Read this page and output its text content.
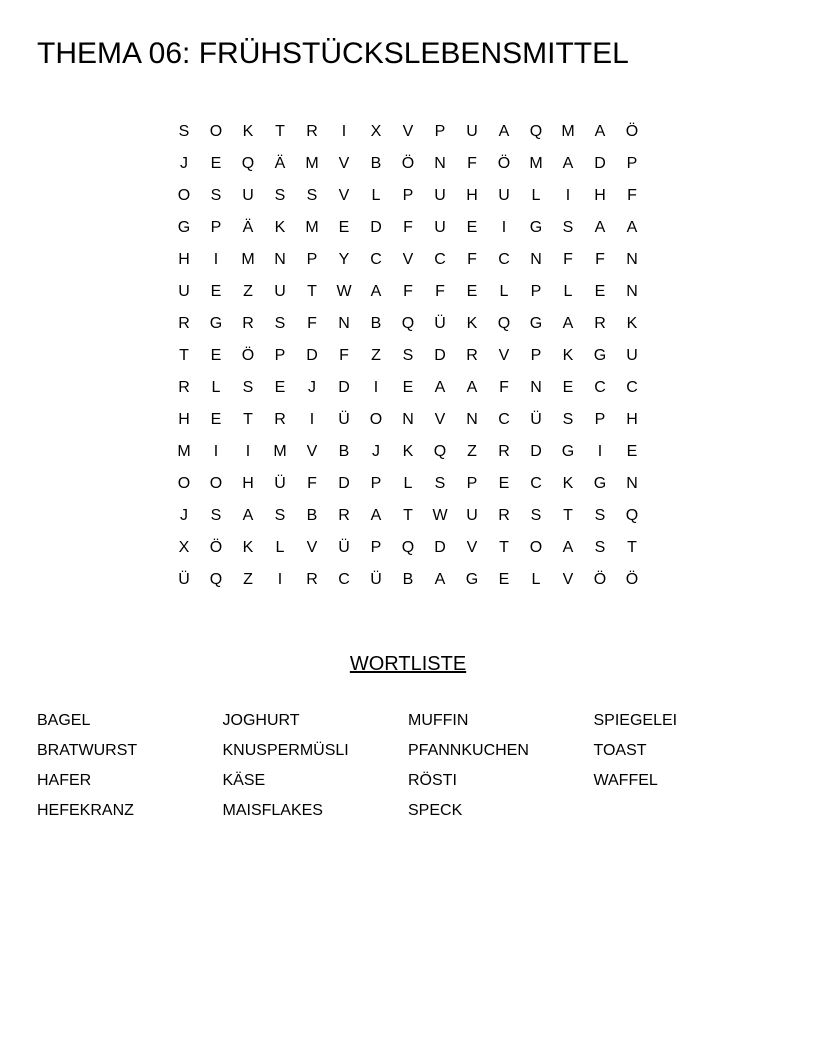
THEMA 06: FRÜHSTÜCKSLEBENSMITTEL
S	O	K	T	R	I	X	V	P	U	A	Q	M	A	Ö
J	E	Q	Ä	M	V	B	Ö	N	F	Ö	M	A	D	P
O	S	U	S	S	V	L	P	U	H	U	L	I	H	F
G	P	Ä	K	M	E	D	F	U	E	I	G	S	A	A
H	I	M	N	P	Y	C	V	C	F	C	N	F	F	N
U	E	Z	U	T	W	A	F	F	E	L	P	L	E	N
R	G	R	S	F	N	B	Q	Ü	K	Q	G	A	R	K
T	E	Ö	P	D	F	Z	S	D	R	V	P	K	G	U
R	L	S	E	J	D	I	E	A	A	F	N	E	C	C
H	E	T	R	I	Ü	O	N	V	N	C	Ü	S	P	H
M	I	I	M	V	B	J	K	Q	Z	R	D	G	I	E
O	O	H	Ü	F	D	P	L	S	P	E	C	K	G	N
J	S	A	S	B	R	A	T	W	U	R	S	T	S	Q
X	Ö	K	L	V	Ü	P	Q	D	V	T	O	A	S	T
Ü	Q	Z	I	R	C	Ü	B	A	G	E	L	V	Ö	Ö
WORTLISTE
BAGEL
BRATWURST
HAFER
HEFEKRANZ
JOGHURT
KNUSPERMÜSLI
KÄSE
MAISFLAKES
MUFFIN
PFANNKUCHEN
RÖSTI
SPECK
SPIEGELEI
TOAST
WAFFEL
